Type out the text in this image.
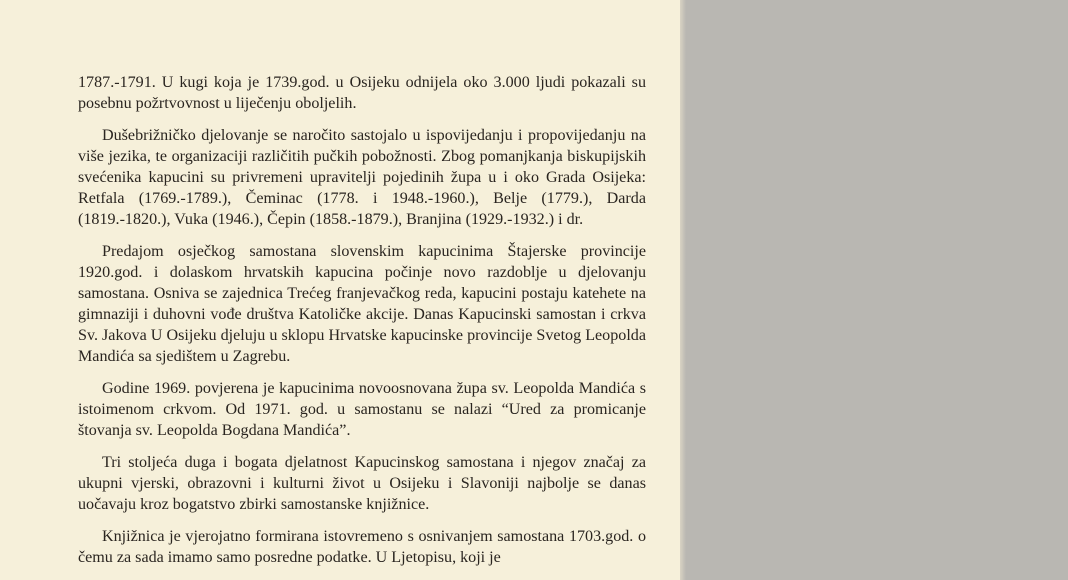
1787.-1791. U kugi koja je 1739.god. u Osijeku odnijela oko 3.000 ljudi pokazali su posebnu požrtvovnost u liječenju oboljelih.

Dušebrižničko djelovanje se naročito sastojalo u ispovijedanju i propovijedanju na više jezika, te organizaciji različitih pučkih pobožnosti. Zbog pomanjkanja biskupijskih svećenika kapucini su privremeni upravitelji pojedinih župa u i oko Grada Osijeka: Retfala (1769.-1789.), Čeminac (1778. i 1948.-1960.), Belje (1779.), Darda (1819.-1820.), Vuka (1946.), Čepin (1858.-1879.), Branjina (1929.-1932.) i dr.

Predajom osječkog samostana slovenskim kapucinima Štajerske provincije 1920.god. i dolaskom hrvatskih kapucina počinje novo razdoblje u djelovanju samostana. Osniva se zajednica Trećeg franjevačkog reda, kapucini postaju katehete na gimnaziji i duhovni vođe društva Katoličke akcije. Danas Kapucinski samostan i crkva Sv. Jakova U Osijeku djeluju u sklopu Hrvatske kapucinske provincije Svetog Leopolda Mandića sa sjedištem u Zagrebu.

Godine 1969. povjerena je kapucinima novoosnovana župa sv. Leopolda Mandića s istoimenom crkvom. Od 1971. god. u samostanu se nalazi “Ured za promicanje štovanja sv. Leopolda Bogdana Mandića”.

Tri stoljeća duga i bogata djelatnost Kapucinskog samostana i njegov značaj za ukupni vjerski, obrazovni i kulturni život u Osijeku i Slavoniji najbolje se danas uočavaju kroz bogatstvo zbirki samostanske knjižnice.

Knjižnica je vjerojatno formirana istovremeno s osnivanjem samostana 1703.god. o čemu za sada imamo samo posredne podatke. U Ljetopisu, koji je
